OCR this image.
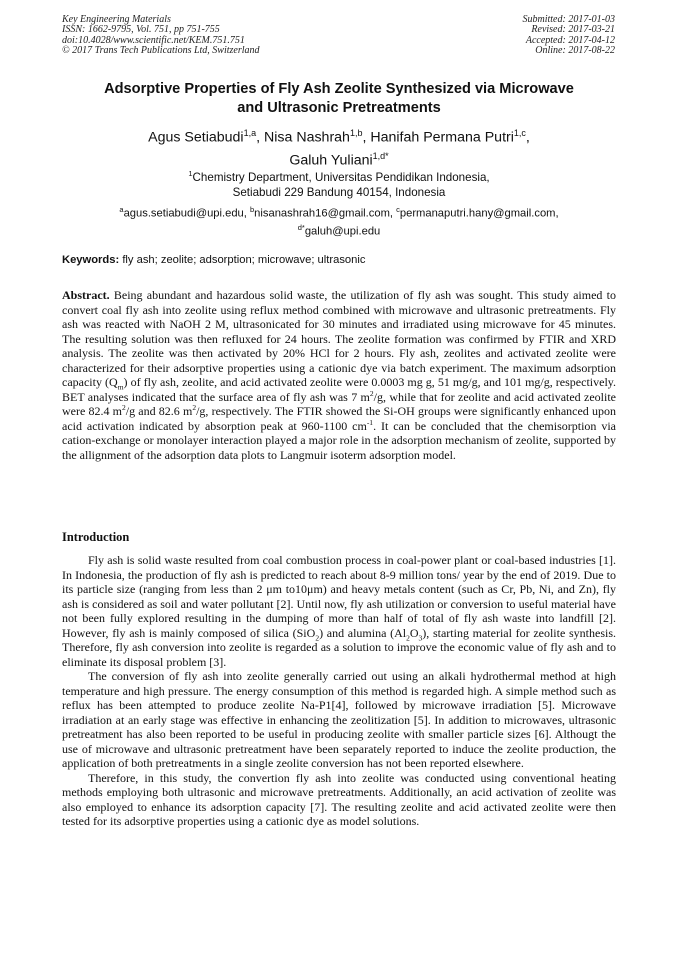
Key Engineering Materials
ISSN: 1662-9795, Vol. 751, pp 751-755
doi:10.4028/www.scientific.net/KEM.751.751
© 2017 Trans Tech Publications Ltd, Switzerland
Submitted: 2017-01-03
Revised: 2017-03-21
Accepted: 2017-04-12
Online: 2017-08-22
Adsorptive Properties of Fly Ash Zeolite Synthesized via Microwave
and Ultrasonic Pretreatments
Agus Setiabudi$^{1,a}$, Nisa Nashrah$^{1,b}$, Hanifah Permana Putri$^{1,c}$,
Galuh Yuliani$^{1,d*}$
$^1$Chemistry Department, Universitas Pendidikan Indonesia,
Setiabudi 229 Bandung 40154, Indonesia
$^a$agus.setiabudi@upi.edu, $^b$nisanashrah16@gmail.com, $^c$permanaputri.hany@gmail.com,
$^{d*}$galuh@upi.edu
Keywords: fly ash; zeolite; adsorption; microwave; ultrasonic
Abstract. Being abundant and hazardous solid waste, the utilization of fly ash was sought. This study aimed to convert coal fly ash into zeolite using reflux method combined with microwave and ultrasonic pretreatments. Fly ash was reacted with NaOH 2 M, ultrasonicated for 30 minutes and irradiated using microwave for 45 minutes. The resulting solution was then refluxed for 24 hours. The zeolite formation was confirmed by FTIR and XRD analysis. The zeolite was then activated by 20% HCl for 2 hours. Fly ash, zeolites and activated zeolite were characterized for their adsorptive properties using a cationic dye via batch experiment. The maximum adsorption capacity $(Q_m)$ of fly ash, zeolite, and acid activated zeolite were 0.0003 mg g, 51 mg/g, and 101 mg/g, respectively. BET analyses indicated that the surface area of fly ash was 7 $m^2/g$, while that for zeolite and acid activated zeolite were 82.4 $m^2/g$ and 82.6 $m^2/g$, respectively. The FTIR showed the Si-OH groups were significantly enhanced upon acid activation indicated by absorption peak at 960-1100 $cm^{-1}$. It can be concluded that the chemisorption via cation-exchange or monolayer interaction played a major role in the adsorption mechanism of zeolite, supported by the allignment of the adsorption data plots to Langmuir isoterm adsorption model.
Introduction

Fly ash is solid waste resulted from coal combustion process in coal-power plant or coal-based industries [1]. In Indonesia, the production of fly ash is predicted to reach about 8-9 million tons/ year by the end of 2019. Due to its particle size (ranging from less than 2 μm to10μm) and heavy metals content (such as Cr, Pb, Ni, and Zn), fly ash is considered as soil and water pollutant [2]. Until now, fly ash utilization or conversion to useful material have not been fully explored resulting in the dumping of more than half of total of fly ash waste into landfill [2]. However, fly ash is mainly composed of silica (SiO$_2$) and alumina $(Al_2O_3)$, starting material for zeolite synthesis. Therefore, fly ash conversion into zeolite is regarded as a solution to improve the economic value of fly ash and to eliminate its disposal problem [3].

The conversion of fly ash into zeolite generally carried out using an alkali hydrothermal method at high temperature and high pressure. The energy consumption of this method is regarded high. A simple method such as reflux has been attempted to produce zeolite Na-P1[4], followed by microwave irradiation [5]. Microwave irradiation at an early stage was effective in enhancing the zeolitization [5]. In addition to microwaves, ultrasonic pretreatment has also been reported to be useful in producing zeolite with smaller particle sizes [6]. Althougt the use of microwave and ultrasonic pretreatment have been separately reported to induce the zeolite production, the application of both pretreatments in a single zeolite conversion has not been reported elsewhere.

Therefore, in this study, the convertion fly ash into zeolite was conducted using conventional heating methods employing both ultrasonic and microwave pretreatments. Additionally, an acid activation of zeolite was also employed to enhance its adsorption capacity [7]. The resulting zeolite and acid activated zeolite were then tested for its adsorptive properties using a cationic dye as model solutions.
